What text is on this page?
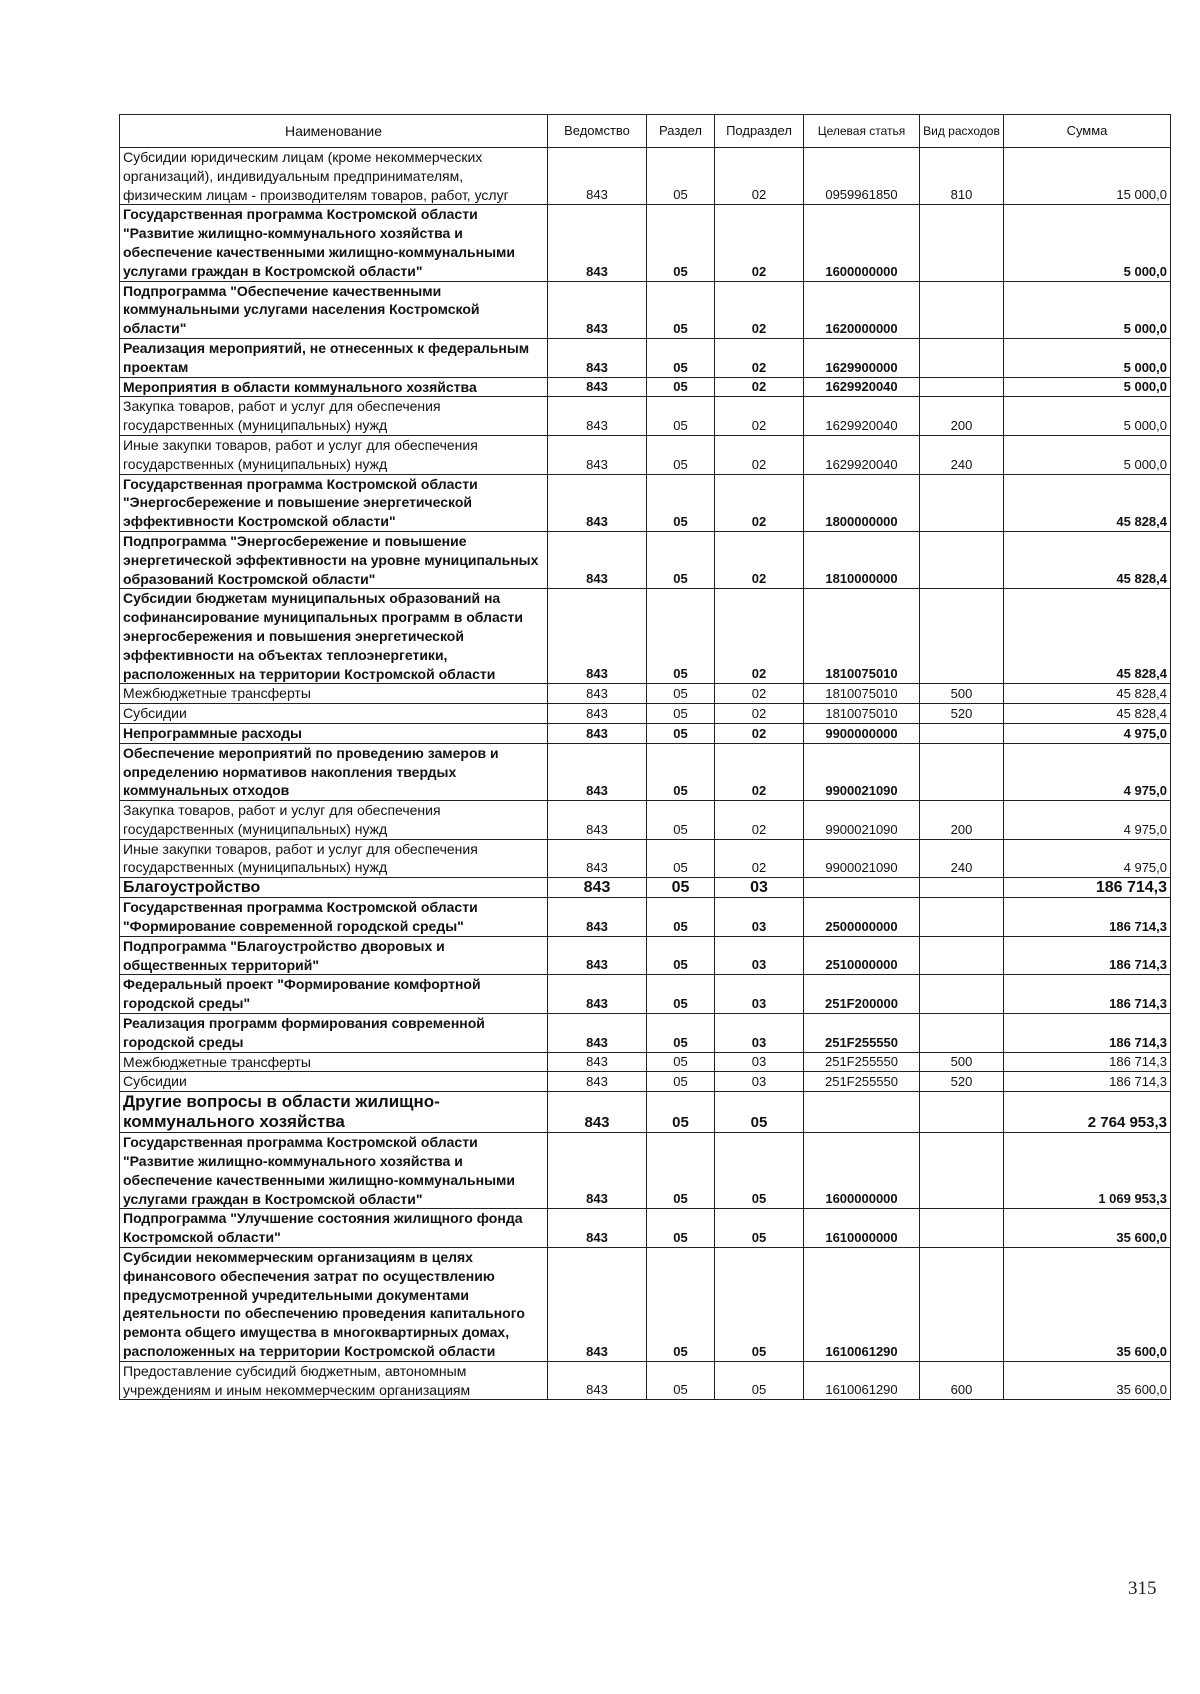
Наименование	Ведомство	Раздел	Подраздел	Целевая статья	Вид расходов	Сумма
Субсидии юридическим лицам (кроме некоммерческих организаций), индивидуальным предпринимателям, физическим лицам - производителям товаров, работ, услуг	843	05	02	0959961850	810	15 000,0
Государственная программа Костромской области "Развитие жилищно-коммунального хозяйства и обеспечение качественными жилищно-коммунальными услугами граждан в Костромской области"	843	05	02	1600000000		5 000,0
Подпрограмма "Обеспечение качественными коммунальными услугами населения Костромской области"	843	05	02	1620000000		5 000,0
Реализация мероприятий, не отнесенных к федеральным проектам	843	05	02	1629900000		5 000,0
Мероприятия в области коммунального хозяйства	843	05	02	1629920040		5 000,0
Закупка товаров, работ и услуг для обеспечения государственных (муниципальных) нужд	843	05	02	1629920040	200	5 000,0
Иные закупки товаров, работ и услуг для обеспечения государственных (муниципальных) нужд	843	05	02	1629920040	240	5 000,0
Государственная программа Костромской области "Энергосбережение и повышение энергетической эффективности Костромской области"	843	05	02	1800000000		45 828,4
Подпрограмма "Энергосбережение и повышение энергетической эффективности на уровне муниципальных образований Костромской области"	843	05	02	1810000000		45 828,4
Субсидии бюджетам муниципальных образований на софинансирование муниципальных программ в области энергосбережения и повышения энергетической эффективности на объектах теплоэнергетики, расположенных на территории Костромской области	843	05	02	1810075010		45 828,4
Межбюджетные трансферты	843	05	02	1810075010	500	45 828,4
Субсидии	843	05	02	1810075010	520	45 828,4
Непрограммные расходы	843	05	02	9900000000		4 975,0
Обеспечение мероприятий по проведению замеров и определению нормативов накопления твердых коммунальных отходов	843	05	02	9900021090		4 975,0
Закупка товаров, работ и услуг для обеспечения государственных (муниципальных) нужд	843	05	02	9900021090	200	4 975,0
Иные закупки товаров, работ и услуг для обеспечения государственных (муниципальных) нужд	843	05	02	9900021090	240	4 975,0
Благоустройство	843	05	03			186 714,3
Государственная программа Костромской области "Формирование современной городской среды"	843	05	03	2500000000		186 714,3
Подпрограмма "Благоустройство дворовых и общественных территорий"	843	05	03	2510000000		186 714,3
Федеральный проект "Формирование комфортной городской среды"	843	05	03	251F200000		186 714,3
Реализация программ формирования современной городской среды	843	05	03	251F255550		186 714,3
Межбюджетные трансферты	843	05	03	251F255550	500	186 714,3
Субсидии	843	05	03	251F255550	520	186 714,3
Другие вопросы в области жилищно-коммунального хозяйства	843	05	05			2 764 953,3
Государственная программа Костромской области "Развитие жилищно-коммунального хозяйства и обеспечение качественными жилищно-коммунальными услугами граждан в Костромской области"	843	05	05	1600000000		1 069 953,3
Подпрограмма "Улучшение состояния жилищного фонда Костромской области"	843	05	05	1610000000		35 600,0
Субсидии некоммерческим организациям в целях финансового обеспечения затрат по осуществлению предусмотренной учредительными документами деятельности по обеспечению проведения капитального ремонта общего имущества в многоквартирных домах, расположенных на территории Костромской области	843	05	05	1610061290		35 600,0
Предоставление субсидий бюджетным, автономным учреждениям и иным некоммерческим организациям	843	05	05	1610061290	600	35 600,0
315
